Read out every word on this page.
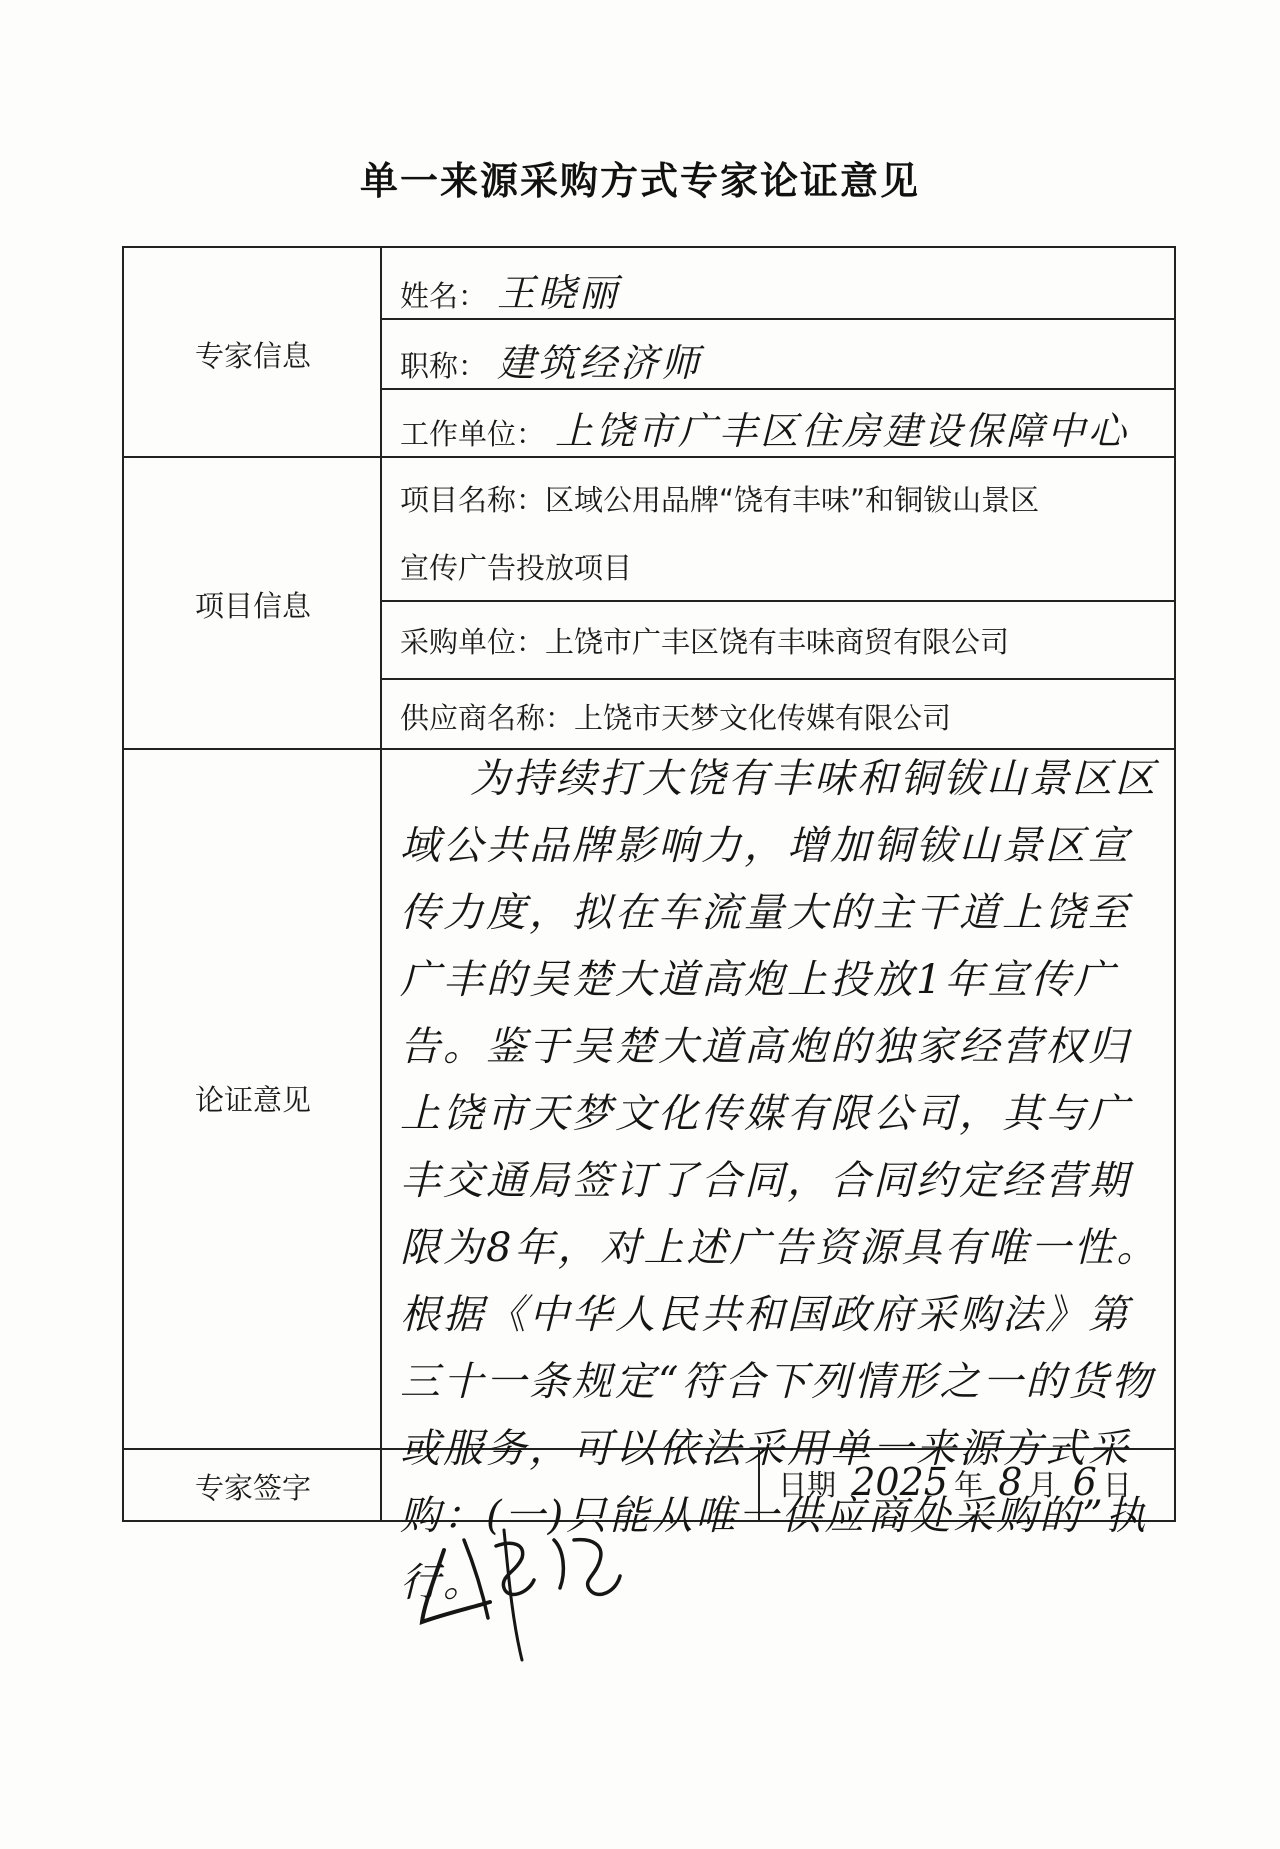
单一来源采购方式专家论证意见
专家信息
姓名： 王晓丽
职称： 建筑经济师
工作单位： 上饶市广丰区住房建设保障中心
项目信息
项目名称：区域公用品牌“饶有丰味”和铜钹山景区
宣传广告投放项目
采购单位：上饶市广丰区饶有丰味商贸有限公司
供应商名称：上饶市天梦文化传媒有限公司
论证意见
为持续打大饶有丰味和铜钹山景区区域公共品牌影响力，增加铜钹山景区宣传力度，拟在车流量大的主干道上饶至广丰的吴楚大道高炮上投放1年宣传广告。鉴于吴楚大道高炮的独家经营权归上饶市天梦文化传媒有限公司，其与广丰交通局签订了合同，合同约定经营期限为8年，对上述广告资源具有唯一性。根据《中华人民共和国政府采购法》第三十一条规定“符合下列情形之一的货物或服务，可以依法采用单一来源方式采购：(一)只能从唯一供应商处采购的”执行。
专家签字	日期 2025 年 8 月 6 日
